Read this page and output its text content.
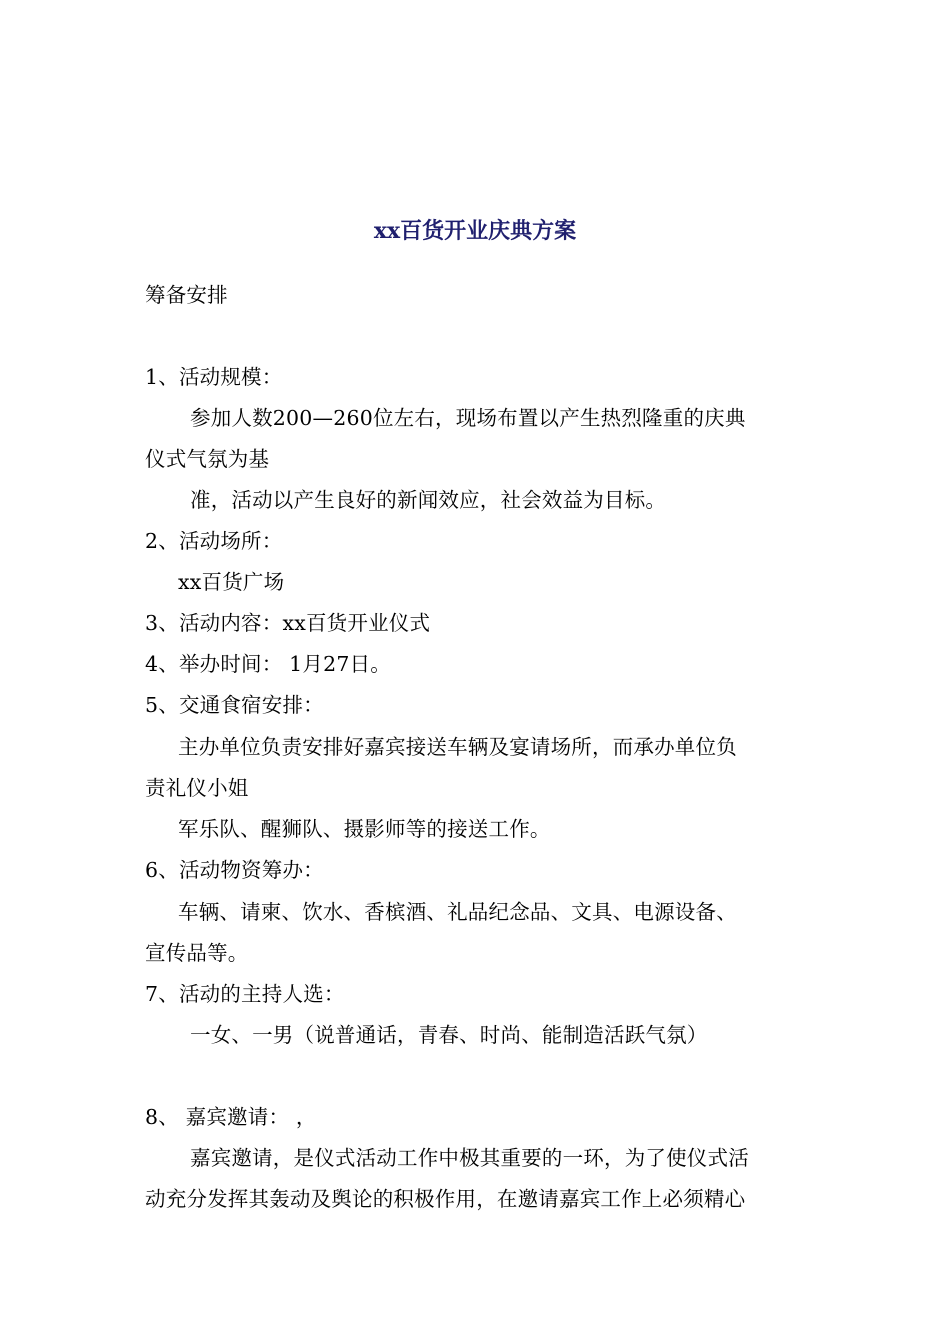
xx百货开业庆典方案
筹备安排
1、活动规模：
参加人数200—260位左右，现场布置以产生热烈隆重的庆典
仪式气氛为基
准，活动以产生良好的新闻效应，社会效益为目标。
2、活动场所：
xx百货广场
3、活动内容：xx百货开业仪式
4、举办时间： 1月27日。
5、交通食宿安排：
主办单位负责安排好嘉宾接送车辆及宴请场所，而承办单位负
责礼仪小姐
军乐队、醒狮队、摄影师等的接送工作。
6、活动物资筹办：
车辆、请柬、饮水、香槟酒、礼品纪念品、文具、电源设备、
宣传品等。
7、活动的主持人选：
一女、一男（说普通话，青春、时尚、能制造活跃气氛）
8、 嘉宾邀请： ，
嘉宾邀请，是仪式活动工作中极其重要的一环，为了使仪式活
动充分发挥其轰动及舆论的积极作用，在邀请嘉宾工作上必须精心
